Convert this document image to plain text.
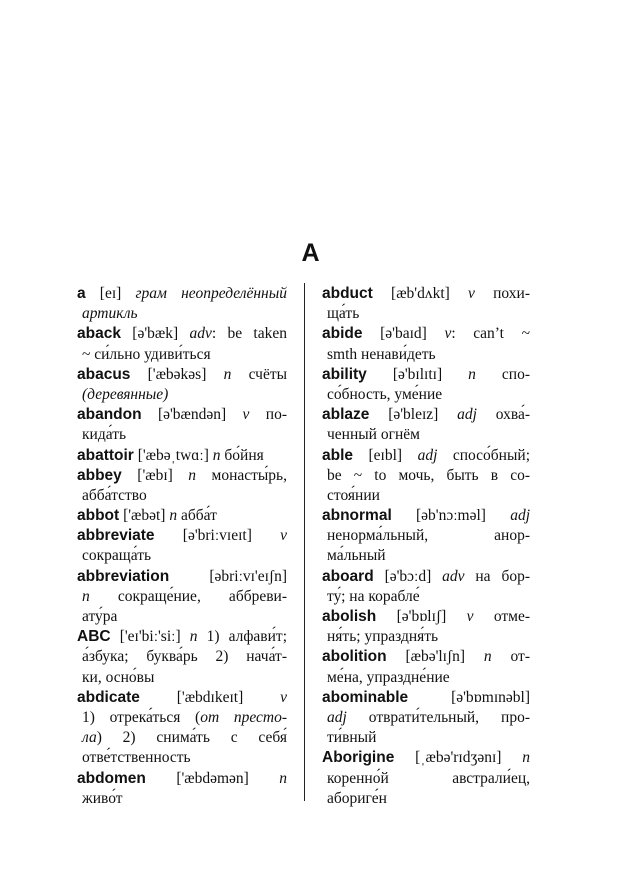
A
a [eɪ] грам неопределённый
артикль
aback [ə'bæk] adv: be taken
~ си́льно удиви́ться
abacus ['æbəkəs] n счёты
(деревянные)
abandon [ə'bændən] v по-
кида́ть
abattoir ['æbəˌtwɑː] n бо́йня
abbey ['æbɪ] n монасты́рь,
абба́тство
abbot ['æbət] n абба́т
abbreviate [ə'briːvɪeɪt] v
сокраща́ть
abbreviation [əbriːvɪ'eɪʃn]
n сокраще́ние, аббреви-
ату́ра
ABC ['eɪ'biː'siː] n 1) алфави́т;
а́збука; буква́рь 2) нача́т-
ки, осно́вы
abdicate ['æbdɪkeɪt] v
1) отрека́ться (от престо-
ла) 2) снима́ть с себя́
отве́тственность
abdomen ['æbdəmən] n
живо́т
abduct [æb'dʌkt] v похи-
ща́ть
abide [ə'baɪd] v: can’t ~
smth ненави́деть
ability [ə'bɪlɪtɪ] n спо-
со́бность, уме́ние
ablaze [ə'bleɪz] adj охва́-
ченный огнём
able [eɪbl] adj спосо́бный;
be ~ to мочь, быть в со-
стоя́нии
abnormal [əb'nɔːməl] adj
ненорма́льный, анор-
ма́льный
aboard [ə'bɔːd] adv на бор-
ту́; на корабле́
abolish [ə'bɒlɪʃ] v отме-
ня́ть; упраздня́ть
abolition [æbə'lɪʃn] n от-
ме́на, упраздне́ние
abominable [ə'bɒmɪnəbl]
adj отврати́тельный, про-
ти́вный
Aborigine [ˌæbə'rɪdʒənɪ] n
коренно́й австрали́ец,
абориге́н
